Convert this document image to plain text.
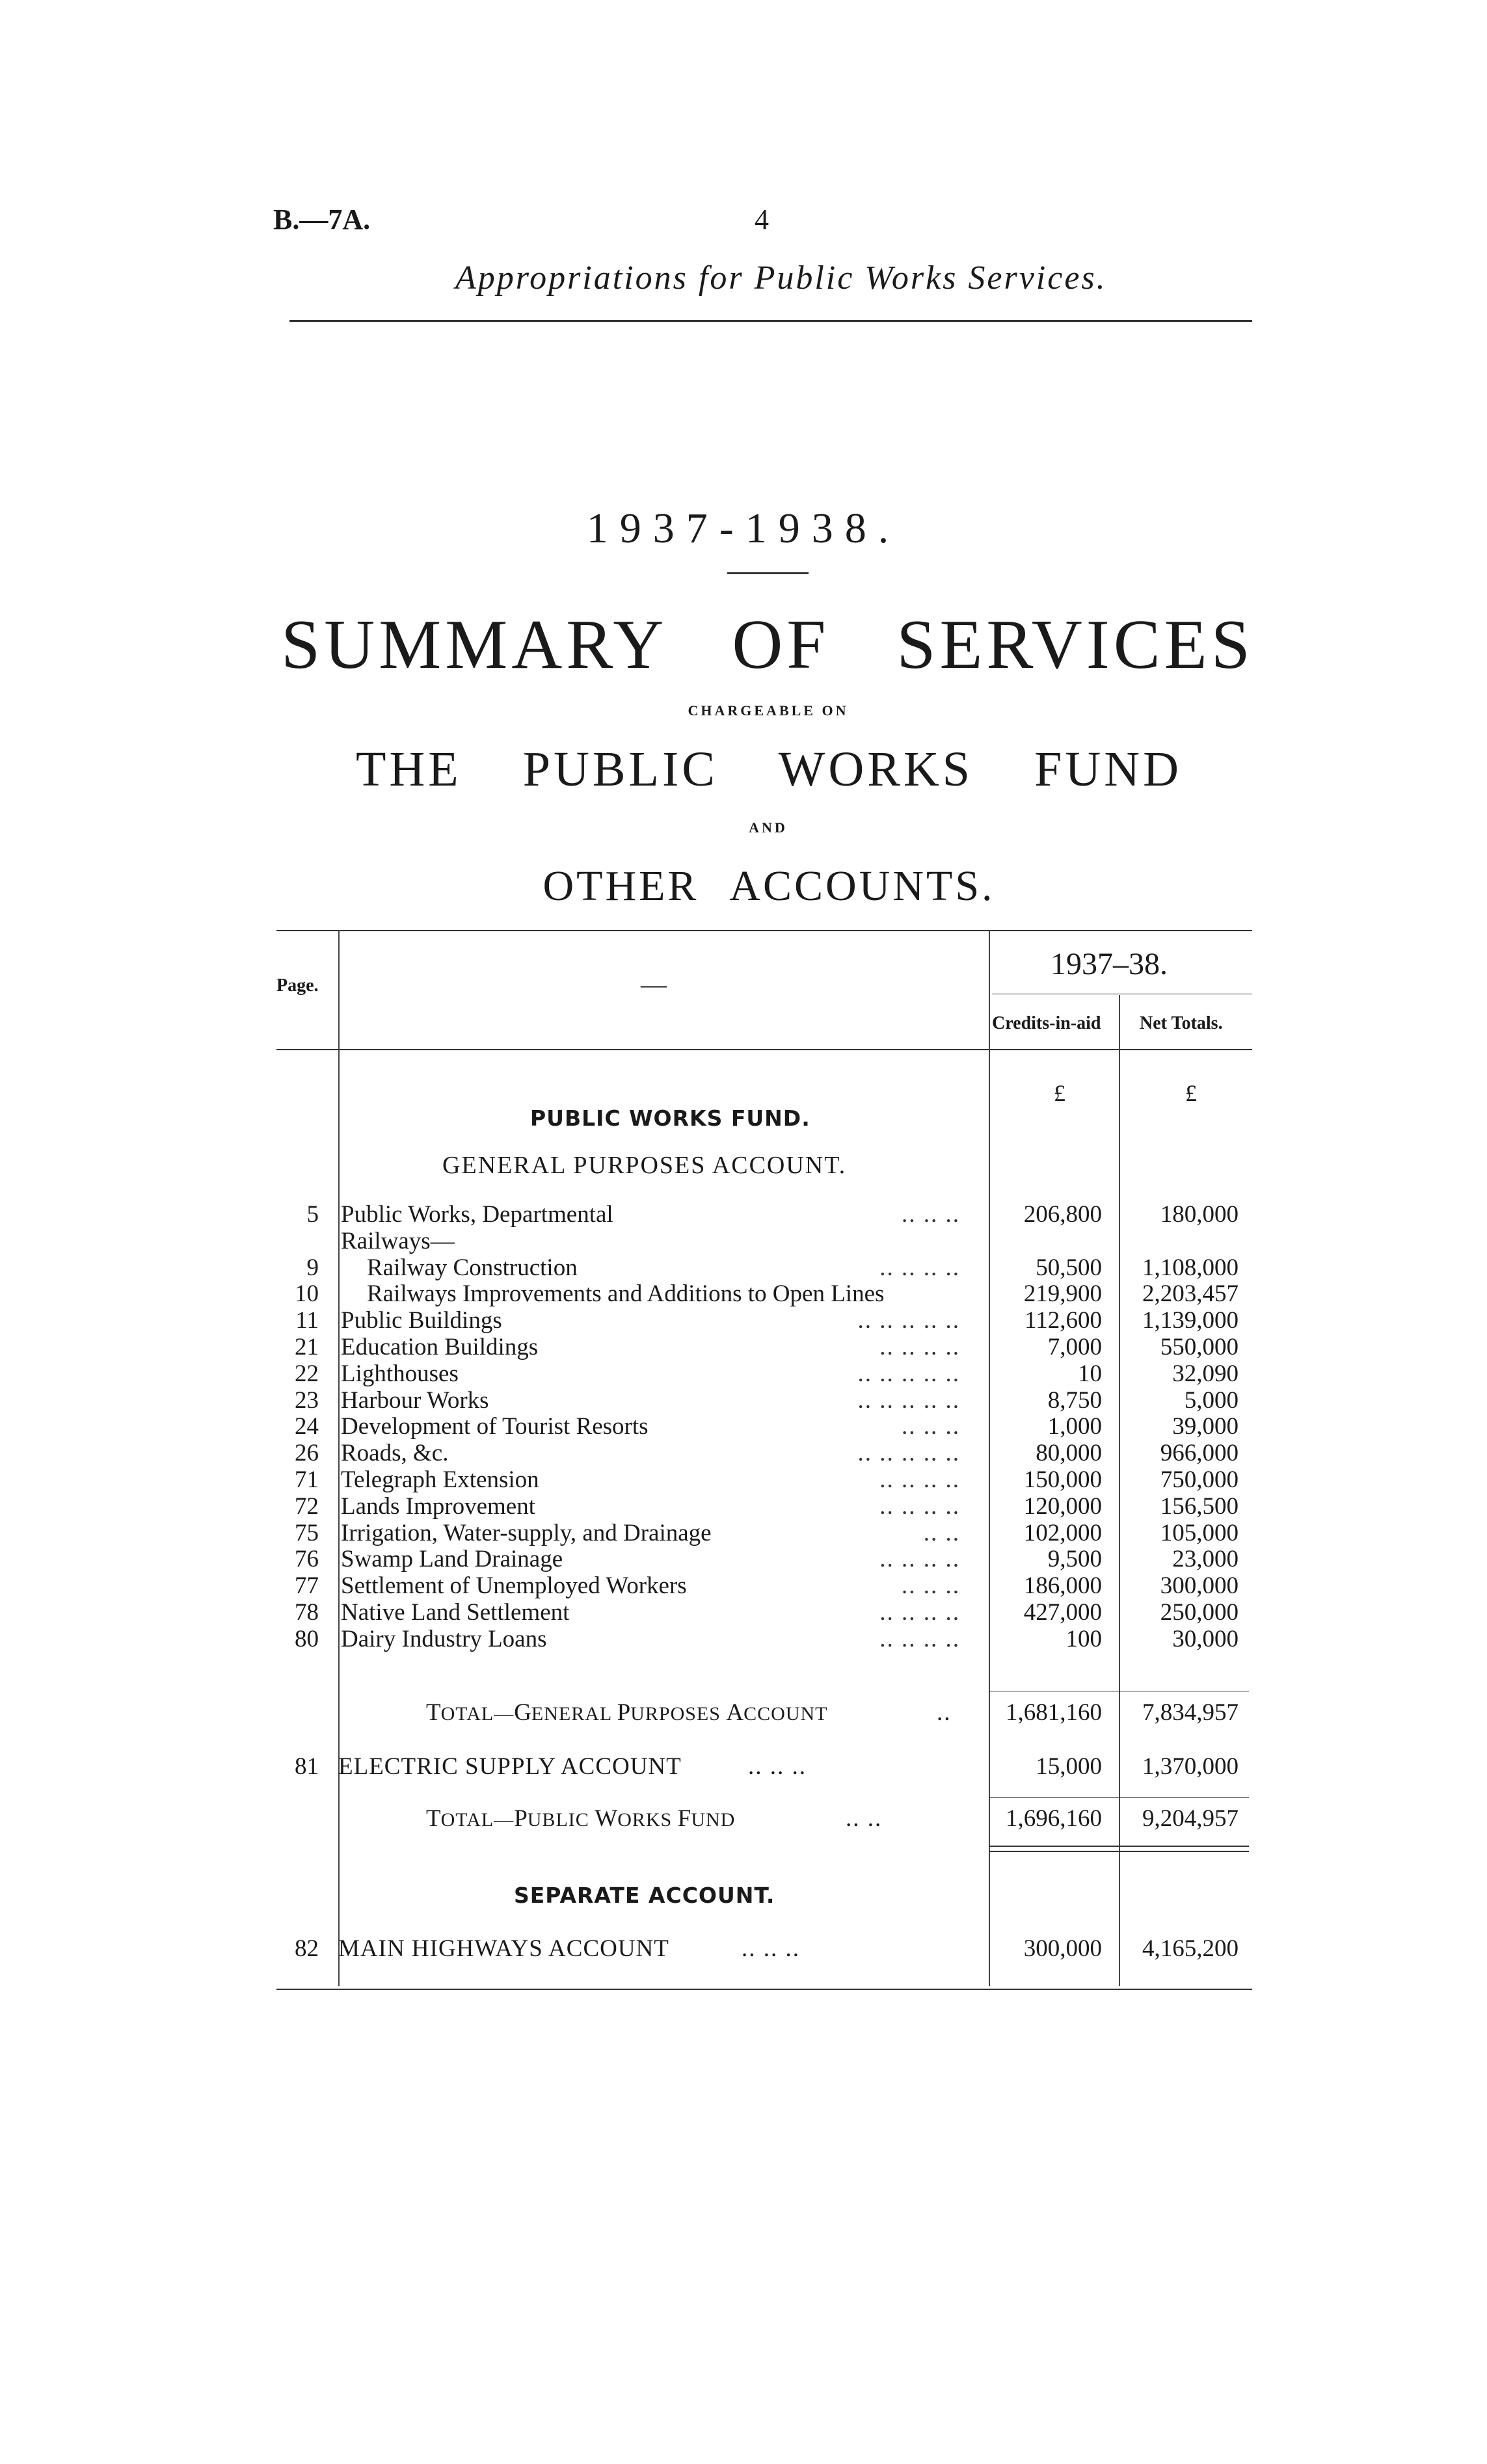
B.—7A.	4
Appropriations for Public Works Services.
1937-1938.
SUMMARY OF SERVICES
CHARGEABLE ON
THE PUBLIC WORKS FUND
AND
OTHER ACCOUNTS.
Page.	—
1937–38.
Credits-in-aid Net Totals.
£	£
PUBLIC WORKS FUND.
GENERAL PURPOSES ACCOUNT.
5 Public Works, Departmental	.. .. ..	206,800 180,000
Railways—
9 Railway Construction	.. .. .. ..	50,500 1,108,000
10 Railways Improvements and Additions to Open Lines	219,900 2,203,457
11 Public Buildings	.. .. .. .. ..	112,600 1,139,000
21 Education Buildings	.. .. .. ..	7,000 550,000
22 Lighthouses	.. .. .. .. ..	10	32,090
23 Harbour Works	.. .. .. .. ..	8,750	5,000
24 Development of Tourist Resorts	.. .. ..	1,000	39,000
26 Roads, &c.	.. .. .. .. ..	80,000 966,000
71 Telegraph Extension	.. .. .. ..	150,000 750,000
72 Lands Improvement	.. .. .. ..	120,000 156,500
75 Irrigation, Water-supply, and Drainage	.. ..	102,000 105,000
76 Swamp Land Drainage	.. .. .. ..	9,500	23,000
77 Settlement of Unemployed Workers	.. .. ..	186,000 300,000
78 Native Land Settlement	.. .. .. ..	427,000 250,000
80 Dairy Industry Loans	.. .. .. ..	100	30,000
TOTAL—GENERAL PURPOSES ACCOUNT	.. 1,681,160 7,834,957
81 ELECTRIC SUPPLY ACCOUNT	.. .. ..	15,000 1,370,000
TOTAL—PUBLIC WORKS FUND	.. ..	1,696,160 9,204,957
SEPARATE ACCOUNT.
82 MAIN HIGHWAYS ACCOUNT	.. .. ..	300,000 4,165,200
